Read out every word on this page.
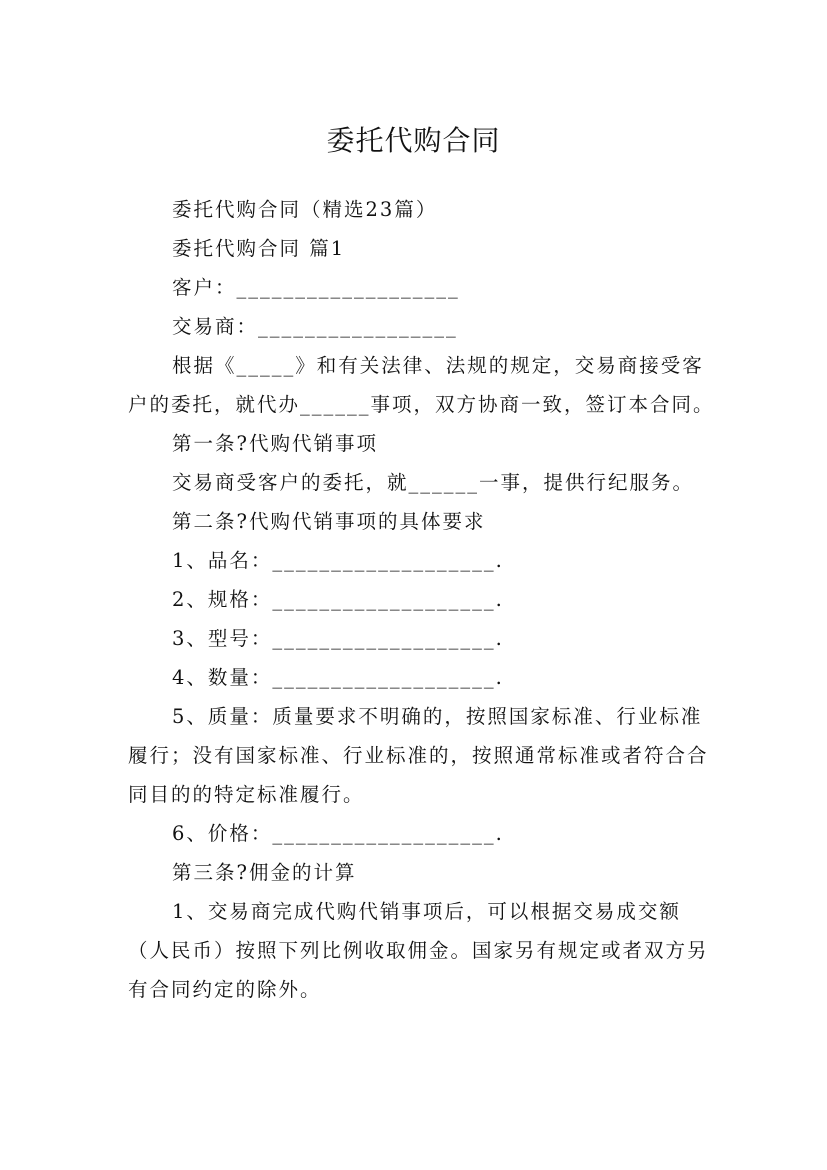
委托代购合同

委托代购合同（精选23篇）

委托代购合同 篇1

客户：___________________

交易商：_________________

根据《_____》和有关法律、法规的规定，交易商接受客户的委托，就代办______事项，双方协商一致，签订本合同。

第一条?代购代销事项

交易商受客户的委托，就______一事，提供行纪服务。

第二条?代购代销事项的具体要求

1、品名：___________________.

2、规格：___________________.

3、型号：___________________.

4、数量：___________________.

5、质量：质量要求不明确的，按照国家标准、行业标准履行；没有国家标准、行业标准的，按照通常标准或者符合合同目的的特定标准履行。

6、价格：___________________.

第三条?佣金的计算

1、交易商完成代购代销事项后，可以根据交易成交额（人民币）按照下列比例收取佣金。国家另有规定或者双方另有合同约定的除外。
